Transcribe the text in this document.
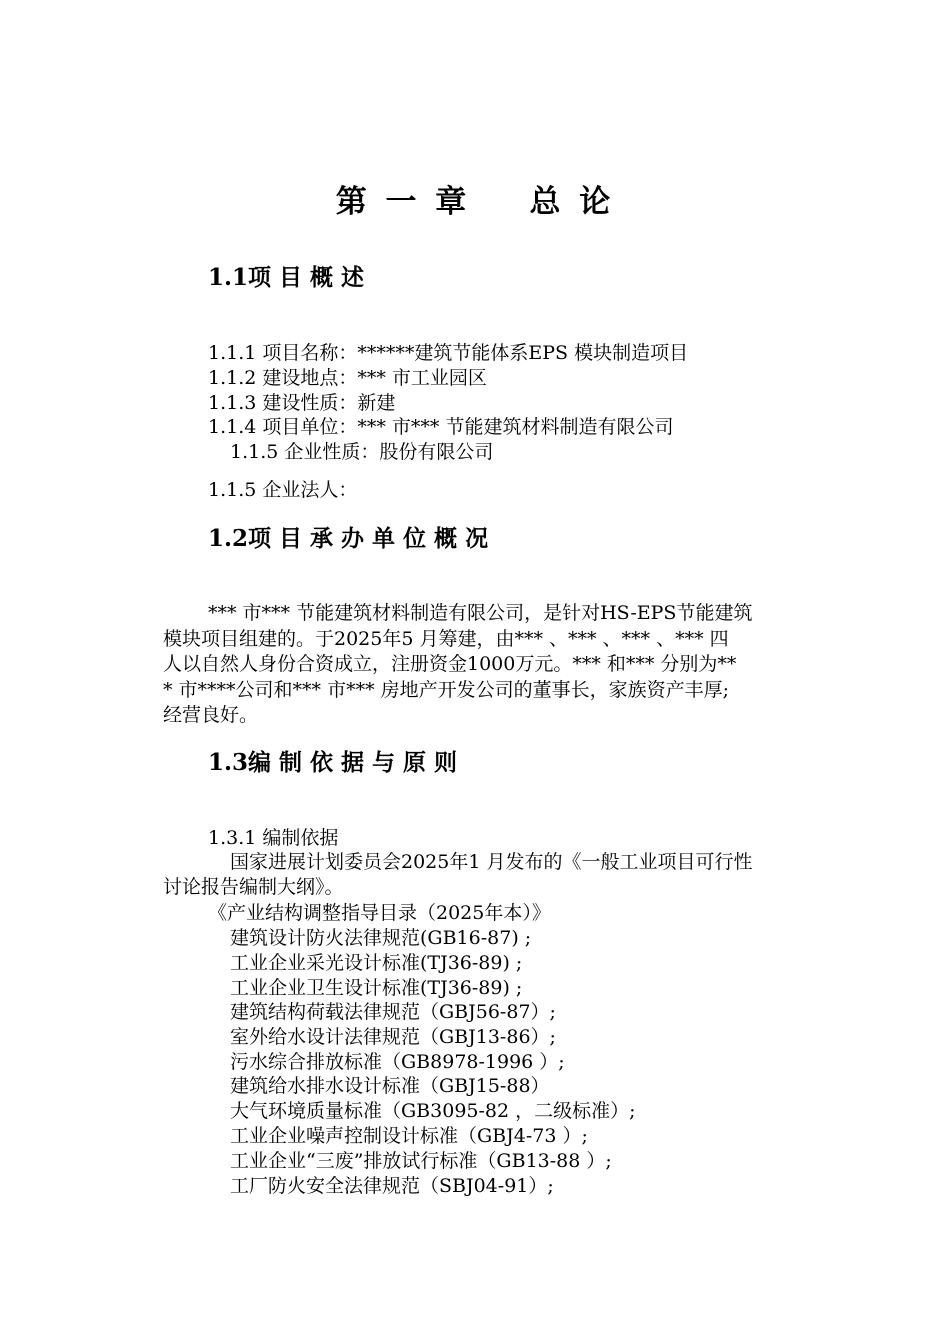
第 一 章    总 论
1.1项 目 概 述
1.1.1 项目名称：******建筑节能体系EPS 模块制造项目
1.1.2 建设地点：*** 市工业园区
1.1.3 建设性质：新建
1.1.4 项目单位：*** 市*** 节能建筑材料制造有限公司
1.1.5 企业性质：股份有限公司
1.1.5 企业法人：
1.2项 目 承 办 单 位 概 况
*** 市*** 节能建筑材料制造有限公司，是针对HS-EPS节能建筑
模块项目组建的。于2025年5 月筹建，由*** 、*** 、*** 、*** 四
人以自然人身份合资成立，注册资金1000万元。*** 和*** 分别为**
* 市****公司和*** 市*** 房地产开发公司的董事长，家族资产丰厚;
经营良好。
1.3编 制 依 据 与 原 则
1.3.1 编制依据
国家进展计划委员会2025年1 月发布的《一般工业项目可行性
讨论报告编制大纲》。
《产业结构调整指导目录（2025年本）》
建筑设计防火法律规范(GB16-87) ;
工业企业采光设计标准(TJ36-89) ;
工业企业卫生设计标准(TJ36-89) ;
建筑结构荷载法律规范（GBJ56-87）;
室外给水设计法律规范（GBJ13-86）;
污水综合排放标准（GB8978-1996 ）;
建筑给水排水设计标准（GBJ15-88）
大气环境质量标准（GB3095-82 ，二级标准）;
工业企业噪声控制设计标准（GBJ4-73 ）;
工业企业“三废”排放试行标准（GB13-88 ）;
工厂防火安全法律规范（SBJ04-91）;
